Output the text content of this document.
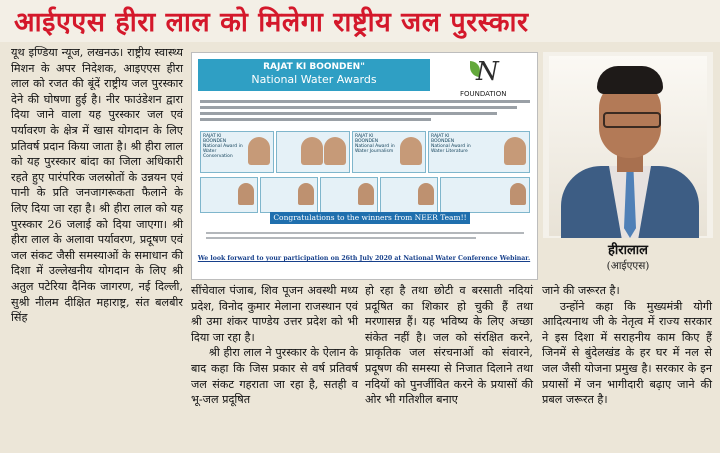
आईएएस हीरा लाल को मिलेगा राष्ट्रीय जल पुरस्कार

यूथ इण्डिया न्यूज, लखनऊ। राष्ट्रीय स्वास्थ्य मिशन के अपर निदेशक, आइएएस हीरा लाल को रजत की बूंदें राष्ट्रीय जल पुरस्कार देने की घोषणा हुई है। नीर फाउंडेशन द्वारा दिया जाने वाला यह पुरस्कार जल एवं पर्यावरण के क्षेत्र में खास योगदान के लिए प्रतिवर्ष प्रदान किया जाता है। श्री हीरा लाल को यह पुरस्कार बांदा का जिला अधिकारी रहते हुए पारंपरिक जलस्रोतों के उन्नयन एवं पानी के प्रति जनजागरूकता फैलाने के लिए दिया जा रहा है। श्री हीरा लाल को यह पुरस्कार 26 जलाई को दिया जाएगा। श्री हीरा लाल के अलावा पर्यावरण, प्रदूषण एवं जल संकट जैसी समस्याओं के समाधान की दिशा में उल्लेखनीय योगदान के लिए श्री अतुल पटेरिया दैनिक जागरण, नई दिल्ली, सुश्री नीलम दीक्षित महाराष्ट्र, संत बलबीर सिंह

RAJAT KI BOONDEN"
National Water Awards	N
FOUNDATION
RAJAT KI BOONDEN National Award in Water Conservation
RAJAT KI BOONDEN National Award in Water Journalism
RAJAT KI BOONDEN National Award in Water Literature
Congratulations to the winners from NEER Team!!
We look forward to your participation on 26th July 2020 at National Water Conference Webinar.
हीरालाल
(आईएएस)

सींचेवाल पंजाब, शिव पूजन अवस्थी मध्य प्रदेश, विनोद कुमार मेलाना राजस्थान एवं श्री उमा शंकर पाण्डेय उत्तर प्रदेश को भी दिया जा रहा है।

श्री हीरा लाल ने पुरस्कार के ऐलान के बाद कहा कि जिस प्रकार से वर्ष प्रतिवर्ष जल संकट गहराता जा रहा है, सतही व भू-जल प्रदूषित

हो रहा है तथा छोटी व बरसाती नदियां प्रदूषित का शिकार हो चुकी हैं तथा मरणासन्न हैं। यह भविष्य के लिए अच्छा संकेत नहीं है। जल को संरक्षित करने, प्राकृतिक जल संरचनाओं को संवारने, प्रदूषण की समस्या से निजात दिलाने तथा नदियों को पुनर्जीवित करने के प्रयासों की ओर भी गतिशील बनाए

जाने की जरूरत है।

उन्होंने कहा कि मुख्यमंत्री योगी आदित्यनाथ जी के नेतृत्व में राज्य सरकार ने इस दिशा में सराहनीय काम किए हैं जिनमें से बुंदेलखंड के हर घर में नल से जल जैसी योजना प्रमुख है। सरकार के इन प्रयासों में जन भागीदारी बढ़ाए जाने की प्रबल जरूरत है।
